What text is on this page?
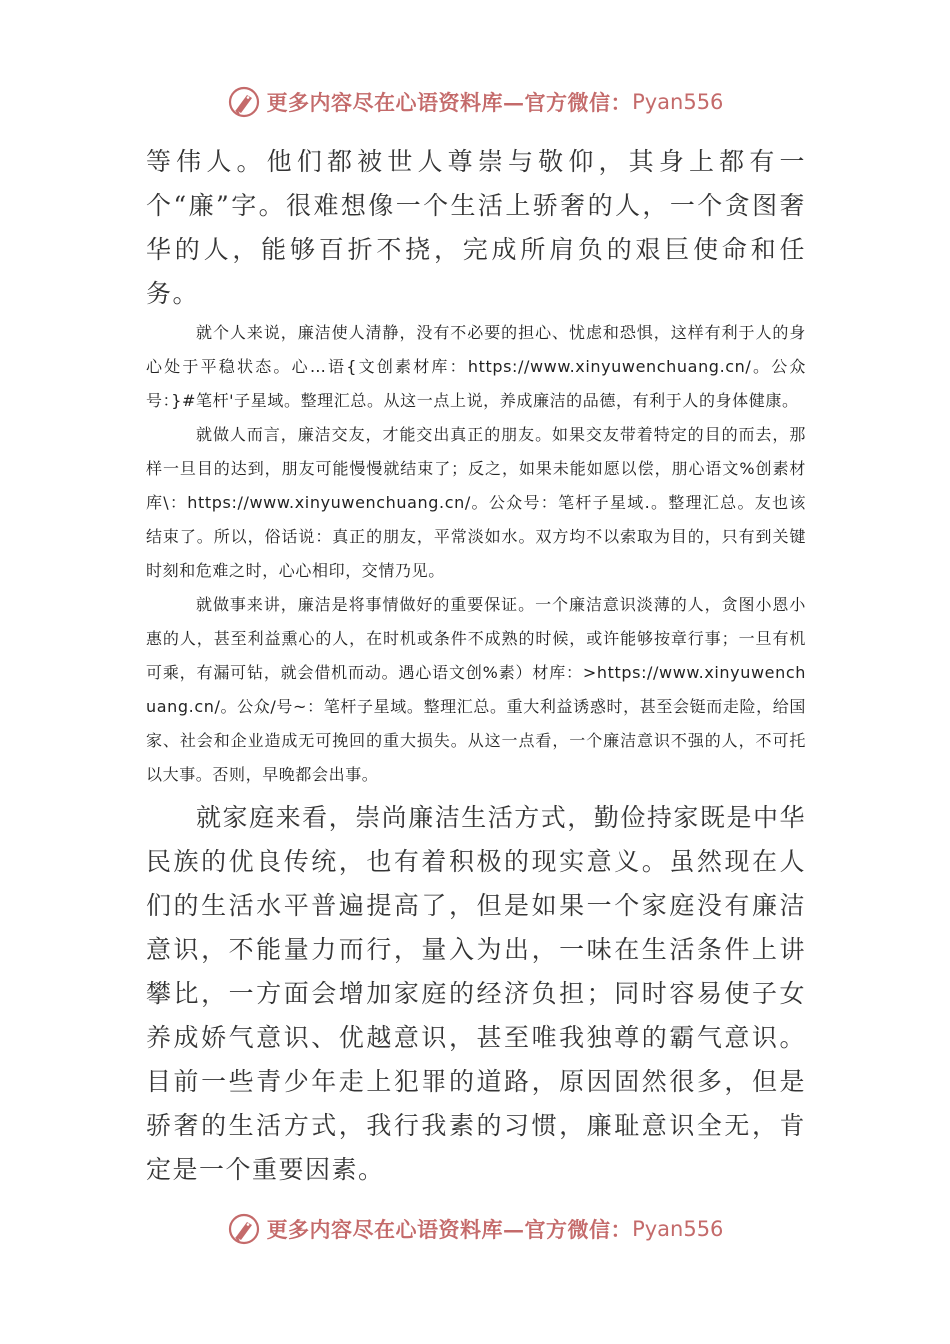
更多内容尽在心语资料库—官方微信： Pyan556

等伟人。他们都被世人尊崇与敬仰，其身上都有一个“廉”字。很难想像一个生活上骄奢的人，一个贪图奢华的人，能够百折不挠，完成所肩负的艰巨使命和任务。

就个人来说，廉洁使人清静，没有不必要的担心、忧虑和恐惧，这样有利于人的身心处于平稳状态。心…语{文创素材库：https://www.xinyuwenchuang.cn/。公众号：}#笔杆'子星域。整理汇总。从这一点上说，养成廉洁的品德，有利于人的身体健康。

就做人而言，廉洁交友，才能交出真正的朋友。如果交友带着特定的目的而去，那样一旦目的达到，朋友可能慢慢就结束了；反之，如果未能如愿以偿，朋心语文%创素材库\：https://www.xinyuwenchuang.cn/。公众号：笔杆子星域.。整理汇总。友也该结束了。所以，俗话说：真正的朋友，平常淡如水。双方均不以索取为目的，只有到关键时刻和危难之时，心心相印，交情乃见。

就做事来讲，廉洁是将事情做好的重要保证。一个廉洁意识淡薄的人，贪图小恩小惠的人，甚至利益熏心的人，在时机或条件不成熟的时候，或许能够按章行事；一旦有机可乘，有漏可钻，就会借机而动。遇心语文创%素）材库：>https://www.xinyuwenchuang.cn/。公众/号~：笔杆子星域。整理汇总。重大利益诱惑时，甚至会铤而走险，给国家、社会和企业造成无可挽回的重大损失。从这一点看，一个廉洁意识不强的人，不可托以大事。否则，早晚都会出事。

就家庭来看，崇尚廉洁生活方式，勤俭持家既是中华民族的优良传统，也有着积极的现实意义。虽然现在人们的生活水平普遍提高了，但是如果一个家庭没有廉洁意识，不能量力而行，量入为出，一味在生活条件上讲攀比，一方面会增加家庭的经济负担；同时容易使子女养成娇气意识、优越意识，甚至唯我独尊的霸气意识。目前一些青少年走上犯罪的道路，原因固然很多，但是骄奢的生活方式，我行我素的习惯，廉耻意识全无，肯定是一个重要因素。

更多内容尽在心语资料库—官方微信： Pyan556
